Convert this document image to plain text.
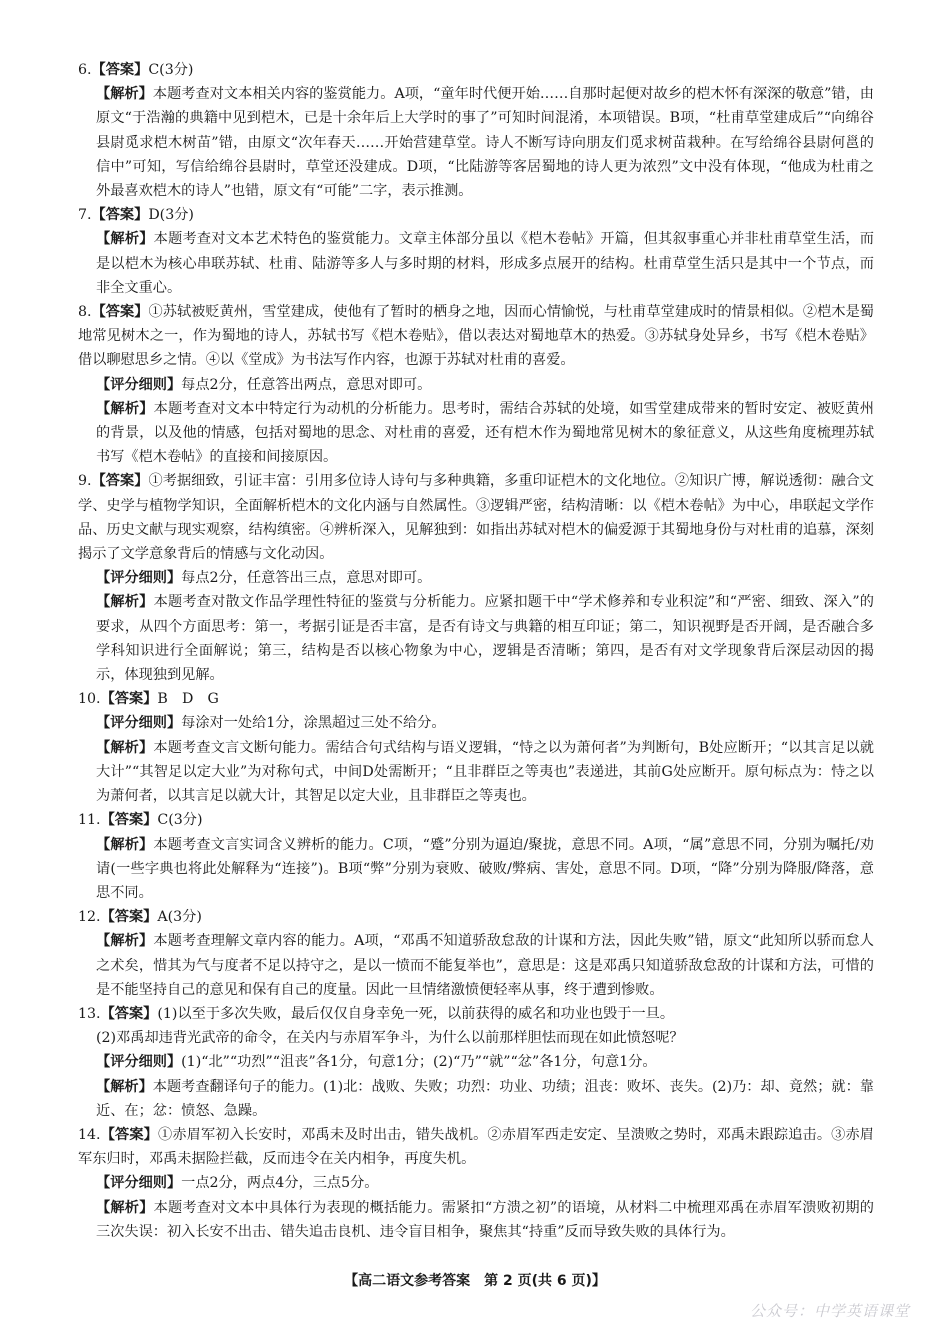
6.【答案】C(3分)

【解析】本题考查对文本相关内容的鉴赏能力。A项，“童年时代便开始……自那时起便对故乡的桤木怀有深深的敬意”错，由原文“于浩瀚的典籍中见到桤木，已是十余年后上大学时的事了”可知时间混淆，本项错误。B项，“杜甫草堂建成后”“向绵谷县尉觅求桤木树苗”错，由原文“次年春天……开始营建草堂。诗人不断写诗向朋友们觅求树苗栽种。在写给绵谷县尉何邕的信中”可知，写信给绵谷县尉时，草堂还没建成。D项，“比陆游等客居蜀地的诗人更为浓烈”文中没有体现，“他成为杜甫之外最喜欢桤木的诗人”也错，原文有“可能”二字，表示推测。

7.【答案】D(3分)

【解析】本题考查对文本艺术特色的鉴赏能力。文章主体部分虽以《桤木卷帖》开篇，但其叙事重心并非杜甫草堂生活，而是以桤木为核心串联苏轼、杜甫、陆游等多人与多时期的材料，形成多点展开的结构。杜甫草堂生活只是其中一个节点，而非全文重心。

8.【答案】①苏轼被贬黄州，雪堂建成，使他有了暂时的栖身之地，因而心情愉悦，与杜甫草堂建成时的情景相似。②桤木是蜀地常见树木之一，作为蜀地的诗人，苏轼书写《桤木卷贴》，借以表达对蜀地草木的热爱。③苏轼身处异乡，书写《桤木卷贴》借以聊慰思乡之情。④以《堂成》为书法写作内容，也源于苏轼对杜甫的喜爱。

【评分细则】每点2分，任意答出两点，意思对即可。

【解析】本题考查对文本中特定行为动机的分析能力。思考时，需结合苏轼的处境，如雪堂建成带来的暂时安定、被贬黄州的背景，以及他的情感，包括对蜀地的思念、对杜甫的喜爱，还有桤木作为蜀地常见树木的象征意义，从这些角度梳理苏轼书写《桤木卷帖》的直接和间接原因。

9.【答案】①考据细致，引证丰富：引用多位诗人诗句与多种典籍，多重印证桤木的文化地位。②知识广博，解说透彻：融合文学、史学与植物学知识，全面解析桤木的文化内涵与自然属性。③逻辑严密，结构清晰：以《桤木卷帖》为中心，串联起文学作品、历史文献与现实观察，结构缜密。④辨析深入，见解独到：如指出苏轼对桤木的偏爱源于其蜀地身份与对杜甫的追慕，深刻揭示了文学意象背后的情感与文化动因。

【评分细则】每点2分，任意答出三点，意思对即可。

【解析】本题考查对散文作品学理性特征的鉴赏与分析能力。应紧扣题干中“学术修养和专业积淀”和“严密、细致、深入”的要求，从四个方面思考：第一，考据引证是否丰富，是否有诗文与典籍的相互印证；第二，知识视野是否开阔，是否融合多学科知识进行全面解说；第三，结构是否以核心物象为中心，逻辑是否清晰；第四，是否有对文学现象背后深层动因的揭示，体现独到见解。

10.【答案】B　D　G

【评分细则】每涂对一处给1分，涂黑超过三处不给分。

【解析】本题考查文言文断句能力。需结合句式结构与语义逻辑，“恃之以为萧何者”为判断句，B处应断开；“以其言足以就大计”“其智足以定大业”为对称句式，中间D处需断开；“且非群臣之等夷也”表递进，其前G处应断开。原句标点为：恃之以为萧何者，以其言足以就大计，其智足以定大业，且非群臣之等夷也。

11.【答案】C(3分)

【解析】本题考查文言实词含义辨析的能力。C项，“蹙”分别为逼迫/聚拢，意思不同。A项，“属”意思不同，分别为嘱托/劝请(一些字典也将此处解释为“连接”)。B项“弊”分别为衰败、破败/弊病、害处，意思不同。D项，“降”分别为降服/降落，意思不同。

12.【答案】A(3分)

【解析】本题考查理解文章内容的能力。A项，“邓禹不知道骄敌怠敌的计谋和方法，因此失败”错，原文“此知所以骄而怠人之术矣，惜其为气与度者不足以持守之，是以一愤而不能复举也”，意思是：这是邓禹只知道骄敌怠敌的计谋和方法，可惜的是不能坚持自己的意见和保有自己的度量。因此一旦情绪激愤便轻率从事，终于遭到惨败。

13.【答案】(1)以至于多次失败，最后仅仅自身幸免一死，以前获得的威名和功业也毁于一旦。

(2)邓禹却违背光武帝的命令，在关内与赤眉军争斗，为什么以前那样胆怯而现在如此愤怒呢？

【评分细则】(1)“北”“功烈”“沮丧”各1分，句意1分；(2)“乃”“就”“忿”各1分，句意1分。

【解析】本题考查翻译句子的能力。(1)北：战败、失败；功烈：功业、功绩；沮丧：败坏、丧失。(2)乃：却、竟然；就：靠近、在；忿：愤怒、急躁。

14.【答案】①赤眉军初入长安时，邓禹未及时出击，错失战机。②赤眉军西走安定、呈溃败之势时，邓禹未跟踪追击。③赤眉军东归时，邓禹未据险拦截，反而违令在关内相争，再度失机。

【评分细则】一点2分，两点4分，三点5分。

【解析】本题考查对文本中具体行为表现的概括能力。需紧扣“方溃之初”的语境，从材料二中梳理邓禹在赤眉军溃败初期的三次失误：初入长安不出击、错失追击良机、违令盲目相争，聚焦其“持重”反而导致失败的具体行为。

【高二语文参考答案　第 2 页(共 6 页)】
公众号：中学英语课堂
